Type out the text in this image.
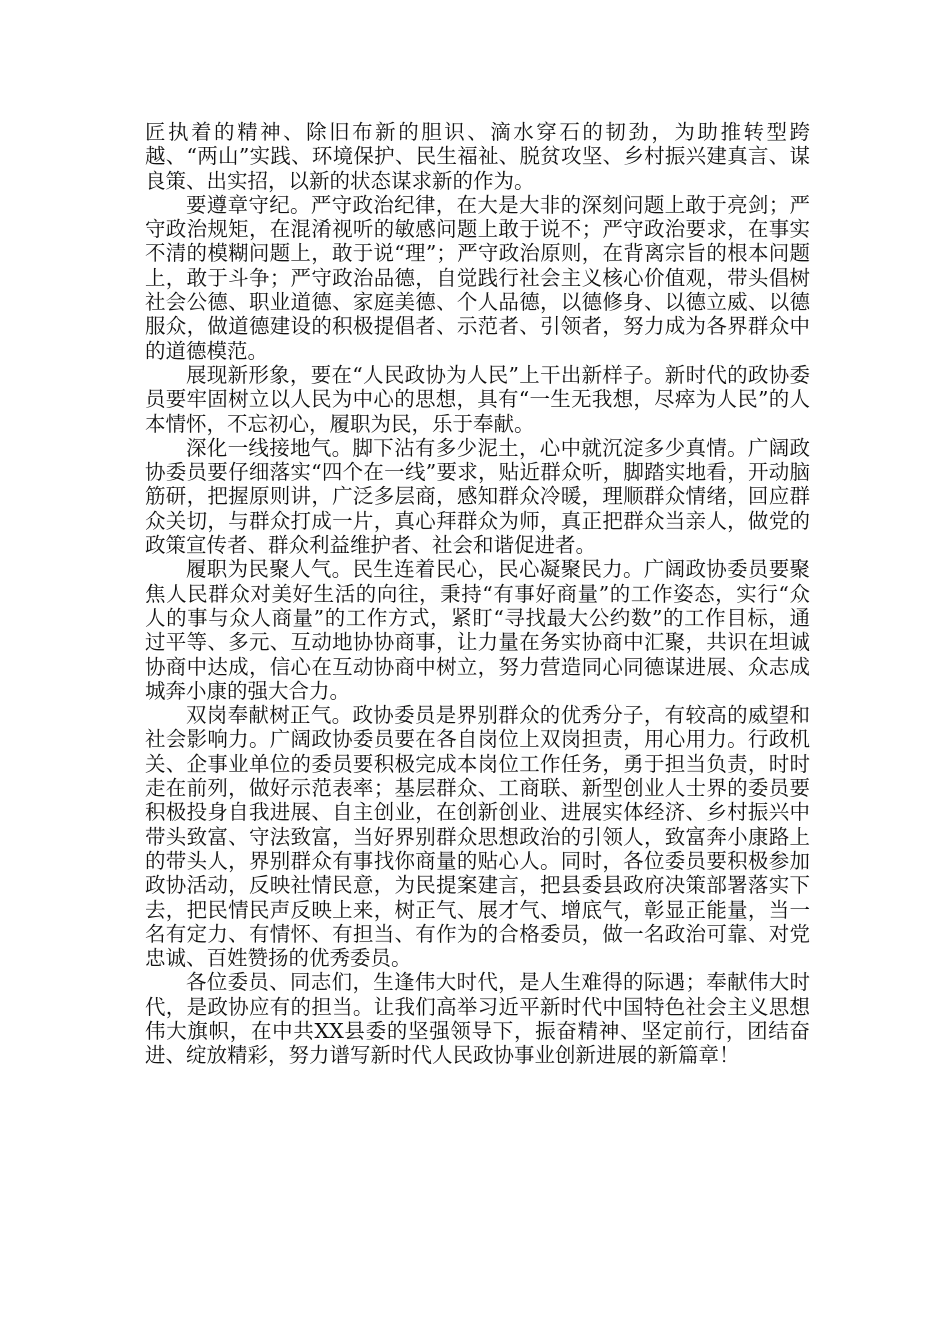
匠执着的精神、除旧布新的胆识、滴水穿石的韧劲，为助推转型跨越、“两山”实践、环境保护、民生福祉、脱贫攻坚、乡村振兴建真言、谋良策、出实招，以新的状态谋求新的作为。

要遵章守纪。严守政治纪律，在大是大非的深刻问题上敢于亮剑；严守政治规矩，在混淆视听的敏感问题上敢于说不；严守政治要求，在事实不清的模糊问题上，敢于说“理”；严守政治原则，在背离宗旨的根本问题上，敢于斗争；严守政治品德，自觉践行社会主义核心价值观，带头倡树社会公德、职业道德、家庭美德、个人品德，以德修身、以德立威、以德服众，做道德建设的积极提倡者、示范者、引领者，努力成为各界群众中的道德模范。

展现新形象，要在“人民政协为人民”上干出新样子。新时代的政协委员要牢固树立以人民为中心的思想，具有“一生无我想，尽瘁为人民”的人本情怀，不忘初心，履职为民，乐于奉献。

深化一线接地气。脚下沾有多少泥土，心中就沉淀多少真情。广阔政协委员要仔细落实“四个在一线”要求，贴近群众听，脚踏实地看，开动脑筋研，把握原则讲，广泛多层商，感知群众冷暖，理顺群众情绪，回应群众关切，与群众打成一片，真心拜群众为师，真正把群众当亲人，做党的政策宣传者、群众利益维护者、社会和谐促进者。

履职为民聚人气。民生连着民心，民心凝聚民力。广阔政协委员要聚焦人民群众对美好生活的向往，秉持“有事好商量”的工作姿态，实行“众人的事与众人商量”的工作方式，紧盯“寻找最大公约数”的工作目标，通过平等、多元、互动地协协商事，让力量在务实协商中汇聚，共识在坦诚协商中达成，信心在互动协商中树立，努力营造同心同德谋进展、众志成城奔小康的强大合力。

双岗奉献树正气。政协委员是界别群众的优秀分子，有较高的威望和社会影响力。广阔政协委员要在各自岗位上双岗担责，用心用力。行政机关、企事业单位的委员要积极完成本岗位工作任务，勇于担当负责，时时走在前列，做好示范表率；基层群众、工商联、新型创业人士界的委员要积极投身自我进展、自主创业，在创新创业、进展实体经济、乡村振兴中带头致富、守法致富，当好界别群众思想政治的引领人，致富奔小康路上的带头人，界别群众有事找你商量的贴心人。同时，各位委员要积极参加政协活动，反映社情民意，为民提案建言，把县委县政府决策部署落实下去，把民情民声反映上来，树正气、展才气、增底气，彰显正能量，当一名有定力、有情怀、有担当、有作为的合格委员，做一名政治可靠、对党忠诚、百姓赞扬的优秀委员。

各位委员、同志们，生逢伟大时代，是人生难得的际遇；奉献伟大时代，是政协应有的担当。让我们高举习近平新时代中国特色社会主义思想伟大旗帜，在中共XX县委的坚强领导下，振奋精神、坚定前行，团结奋进、绽放精彩，努力谱写新时代人民政协事业创新进展的新篇章！
